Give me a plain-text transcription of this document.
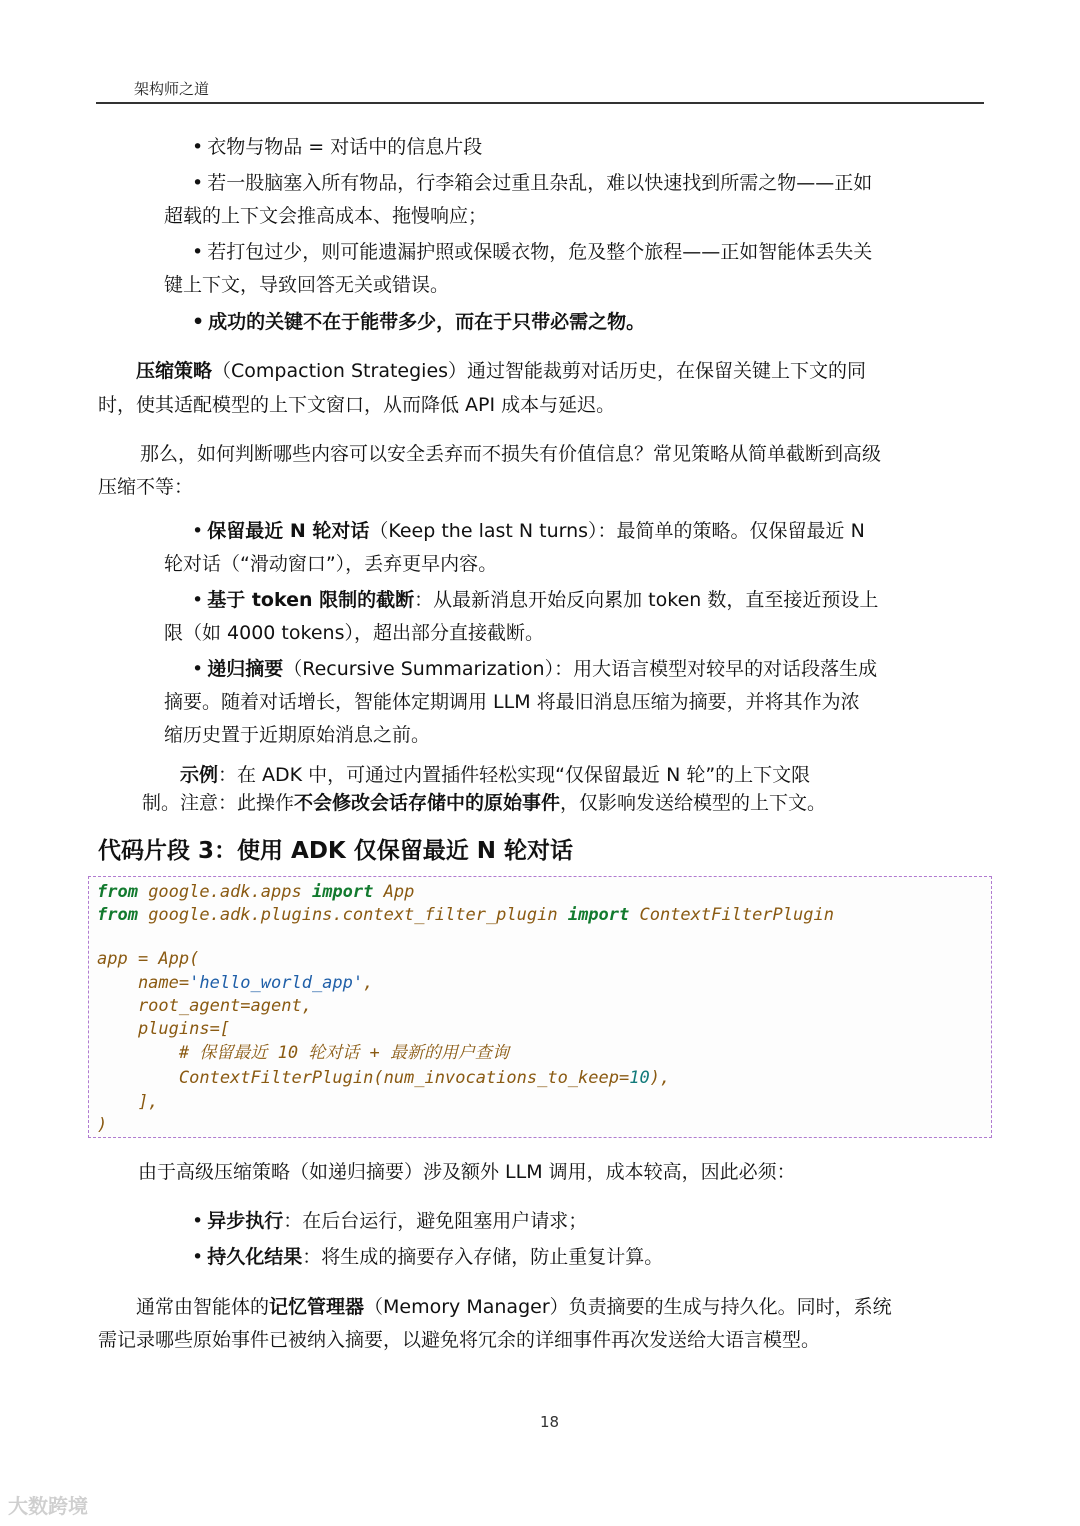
架构师之道
• 衣物与物品 = 对话中的信息片段
• 若一股脑塞入所有物品，行李箱会过重且杂乱，难以快速找到所需之物——正如
超载的上下文会推高成本、拖慢响应；
• 若打包过少，则可能遗漏护照或保暖衣物，危及整个旅程——正如智能体丢失关
键上下文，导致回答无关或错误。
• 成功的关键不在于能带多少，而在于只带必需之物。
压缩策略（Compaction Strategies）通过智能裁剪对话历史，在保留关键上下文的同
时，使其适配模型的上下文窗口，从而降低 API 成本与延迟。
那么，如何判断哪些内容可以安全丢弃而不损失有价值信息？常见策略从简单截断到高级
压缩不等：
• 保留最近 N 轮对话（Keep the last N turns）：最简单的策略。仅保留最近 N
轮对话（“滑动窗口”），丢弃更早内容。
• 基于 token 限制的截断：从最新消息开始反向累加 token 数，直至接近预设上
限（如 4000 tokens），超出部分直接截断。
• 递归摘要（Recursive Summarization）：用大语言模型对较早的对话段落生成
摘要。随着对话增长，智能体定期调用 LLM 将最旧消息压缩为摘要，并将其作为浓
缩历史置于近期原始消息之前。
示例：在 ADK 中，可通过内置插件轻松实现“仅保留最近 N 轮”的上下文限
制。注意：此操作不会修改会话存储中的原始事件，仅影响发送给模型的上下文。
代码片段 3：使用 ADK 仅保留最近 N 轮对话
from google.adk.apps import App
from google.adk.plugins.context_filter_plugin import ContextFilterPlugin
app = App(
name='hello_world_app',
root_agent=agent,
plugins=[
# 保留最近 10 轮对话 + 最新的用户查询
ContextFilterPlugin(num_invocations_to_keep=10),
],
)
由于高级压缩策略（如递归摘要）涉及额外 LLM 调用，成本较高，因此必须：
• 异步执行：在后台运行，避免阻塞用户请求；
• 持久化结果：将生成的摘要存入存储，防止重复计算。
通常由智能体的记忆管理器（Memory Manager）负责摘要的生成与持久化。同时，系统
需记录哪些原始事件已被纳入摘要，以避免将冗余的详细事件再次发送给大语言模型。
18
大数跨境
